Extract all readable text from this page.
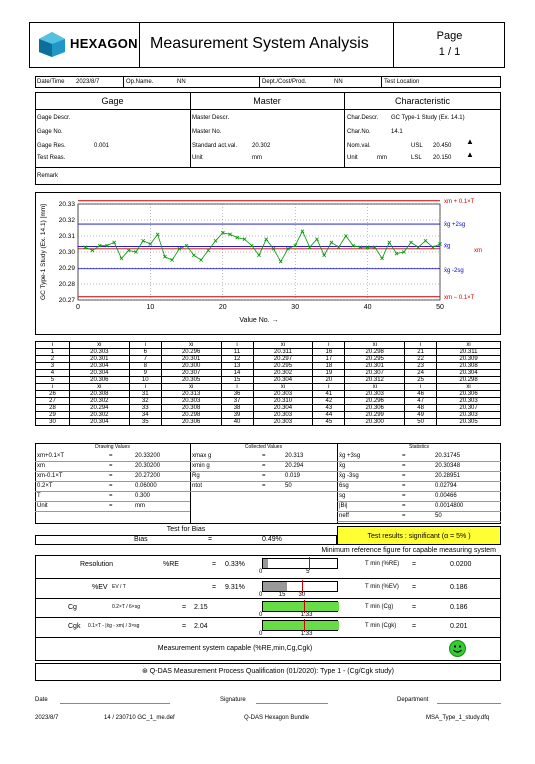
HEXAGON Measurement System Analysis	Page
1 / 1
Date/Time 2023/8/7	Op.Name.	NN	Dept./Cost/Prod.	NN	Test Location
Gage	Master	Characteristic
Gage Descr.
Gage No.
Gage Res.	0.001
Test Reas.
Master Descr.
Master No.
Standard act.val. 20.302
Unit	mm
Char.Descr. GC Type-1 Study (Ex. 14.1)
Char.No.	14.1
Nom.val.	USL 20.450 ▲

Unit	mm	LSL 20.150 ▲
Remark
20.27
20.28
20.29
20.30
20.31
20.32
20.33
0	10	20	30	40	50
Value No. →
GC Type-1 Study (Ex. 14.1) [mm]
xm + 0.1×T
xm − 0.1×T
x̄g +2sg
x̄g
x̄g -2sg
xm
i	xi	i	xi	i	xi	i	xi	i	xi
1	20.303	6	20.296	11	20.311	16	20.298	21	20.311
2	20.301	7	20.301	12	20.297	17	20.295	22	20.309
3	20.304	8	20.300	13	20.295	18	20.301	23	20.308
4	20.304	9	20.307	14	20.302	19	20.307	24	20.304
5	20.306	10	20.305	15	20.304	20	20.312	25	20.298
i	xi	i	xi	i	xi	i	xi	i	xi
26	20.308	31	20.313	36	20.303	41	20.303	46	20.306
27	20.302	32	20.303	37	20.310	42	20.296	47	20.303
28	20.294	33	20.308	38	20.304	43	20.306	48	20.307
29	20.302	34	20.298	39	20.303	44	20.299	49	20.303
30	20.304	35	20.306	40	20.303	45	20.300	50	20.305
Drawing Values	Collected Values	Statistics
xm+0.1×T	=	20.33200
xm	=	20.30200
xm-0.1×T	=	20.27200
0.2×T	=	0.06000
T	=	0.300
Unit	=	mm
xmax g	=	20.313
xmin g	=	20.294
Rg	=	0.019
ntot	=	50
x̄g +3sg	=	20.31745
x̄g	=	20.30348
x̄g -3sg	=	20.28951
6sg	=	0.02794
sg	=	0.00466
|Bi|	=	0.0014800
neff	=	50
Test for Bias
Bias	=	0.49%	Test results : significant (α = 5% )
Minimum reference figure for capable measuring system
Resolution	%RE	= 0.33%
0	5
T min (%RE) =	0.0200
%EV EV / T	= 9.31%
0	15 30
T min (%EV) =	0.186
Cg	0.2×T / 6×sg	= 2.15
0	1.33
T min (Cg)	=	0.186
Cgk 0.1×T - |x̄g - xm| / 3×sg	= 2.04
0	1.33
T min (Cgk) =	0.201
Measurement system capable (%RE,min,Cg,Cgk)
⊛ Q-DAS Measurement Process Qualification (01/2020): Type 1 - (Cg/Cgk study)
Date	Signature	Department
2023/8/7	14 / 230710 GC_1_me.def	Q-DAS Hexagon Bundle	MSA_Type_1_study.dfq
